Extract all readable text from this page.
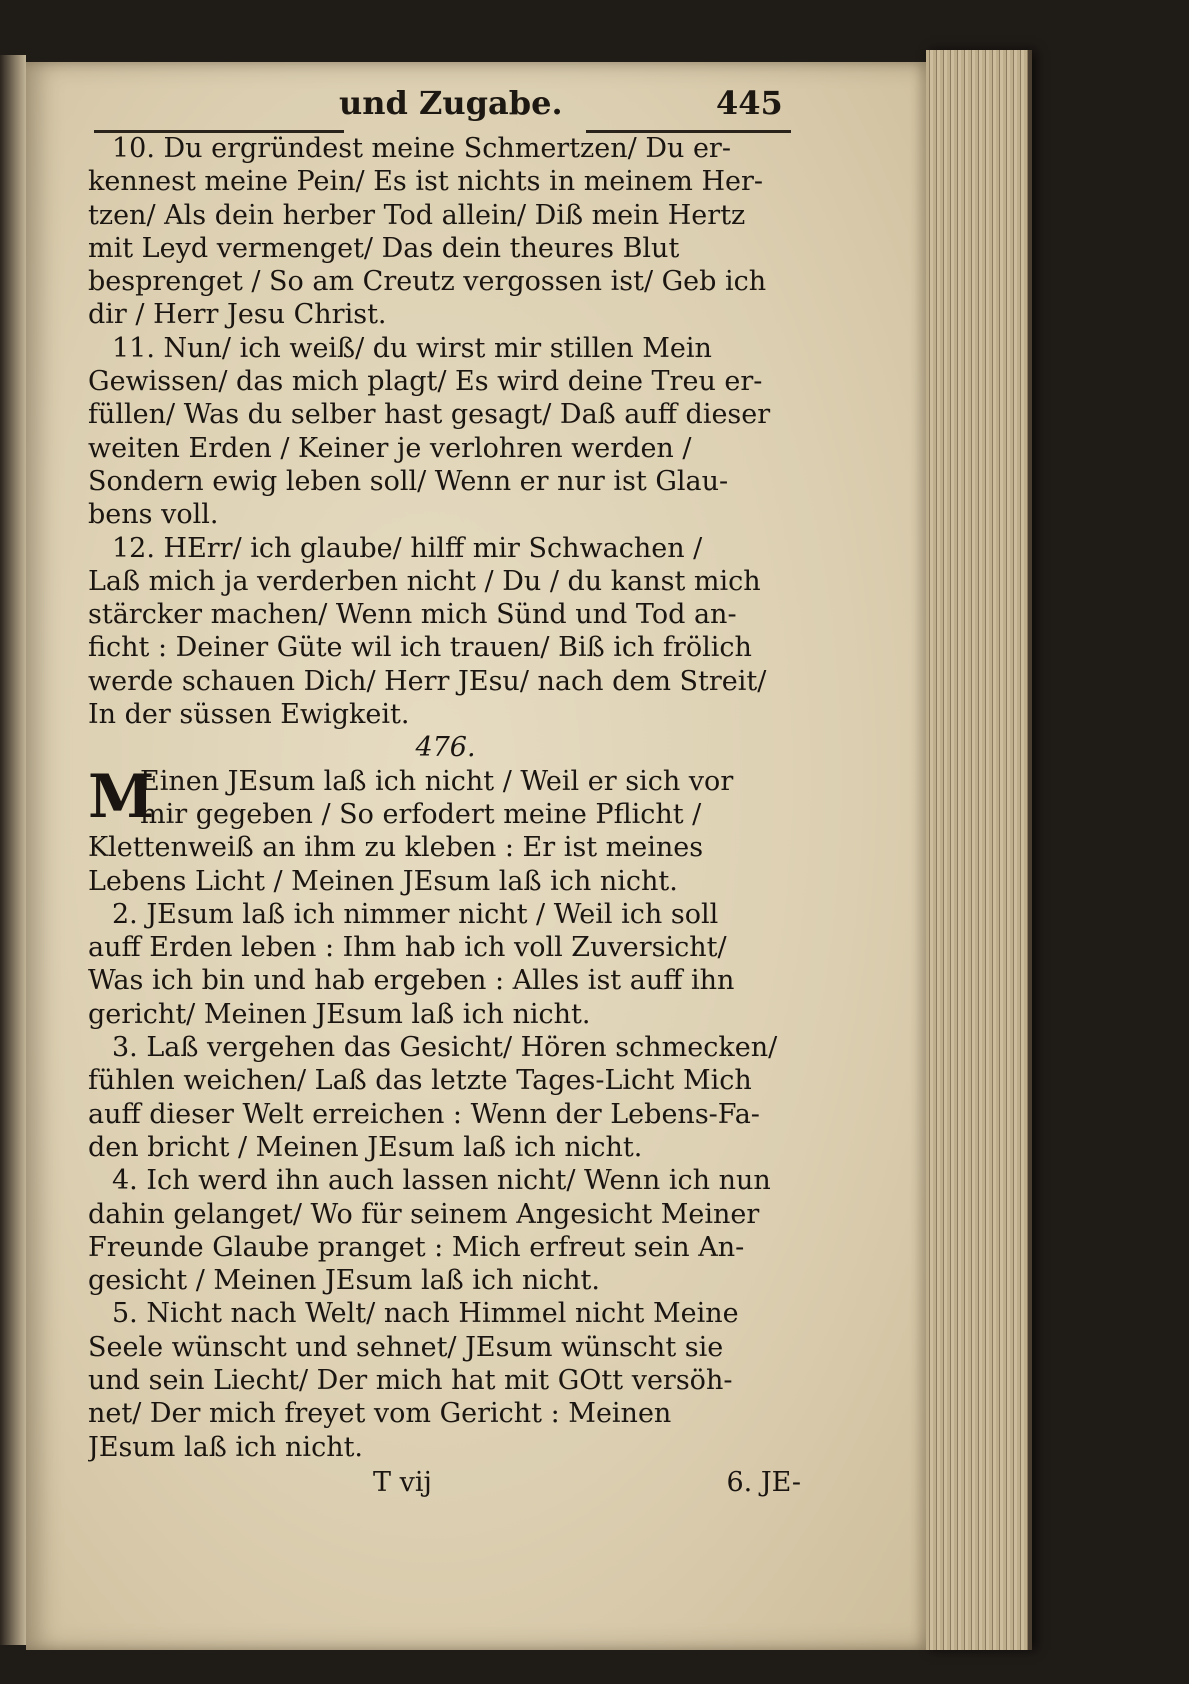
und Zugabe.	445
10. Du ergründest meine Schmertzen/ Du er-
kennest meine Pein/ Es ist nichts in meinem Her-
tzen/ Als dein herber Tod allein/ Diß mein Hertz
mit Leyd vermenget/ Das dein theures Blut
besprenget / So am Creutz vergossen ist/ Geb ich
dir / Herr Jesu Christ.
11. Nun/ ich weiß/ du wirst mir stillen Mein
Gewissen/ das mich plagt/ Es wird deine Treu er-
füllen/ Was du selber hast gesagt/ Daß auff dieser
weiten Erden / Keiner je verlohren werden /
Sondern ewig leben soll/ Wenn er nur ist Glau-
bens voll.
12. HErr/ ich glaube/ hilff mir Schwachen /
Laß mich ja verderben nicht / Du / du kanst mich
stärcker machen/ Wenn mich Sünd und Tod an-
ficht : Deiner Güte wil ich trauen/ Biß ich frölich
werde schauen Dich/ Herr JEsu/ nach dem Streit/
In der süssen Ewigkeit.
476.
M
Einen JEsum laß ich nicht / Weil er sich vor
mir gegeben / So erfodert meine Pflicht /
Klettenweiß an ihm zu kleben : Er ist meines
Lebens Licht / Meinen JEsum laß ich nicht.
2. JEsum laß ich nimmer nicht / Weil ich soll
auff Erden leben : Ihm hab ich voll Zuversicht/
Was ich bin und hab ergeben : Alles ist auff ihn
gericht/ Meinen JEsum laß ich nicht.
3. Laß vergehen das Gesicht/ Hören schmecken/
fühlen weichen/ Laß das letzte Tages-Licht Mich
auff dieser Welt erreichen : Wenn der Lebens-Fa-
den bricht / Meinen JEsum laß ich nicht.
4. Ich werd ihn auch lassen nicht/ Wenn ich nun
dahin gelanget/ Wo für seinem Angesicht Meiner
Freunde Glaube pranget : Mich erfreut sein An-
gesicht / Meinen JEsum laß ich nicht.
5. Nicht nach Welt/ nach Himmel nicht Meine
Seele wünscht und sehnet/ JEsum wünscht sie
und sein Liecht/ Der mich hat mit GOtt versöh-
net/ Der mich freyet vom Gericht : Meinen
JEsum laß ich nicht.
T vij	6. JE-
